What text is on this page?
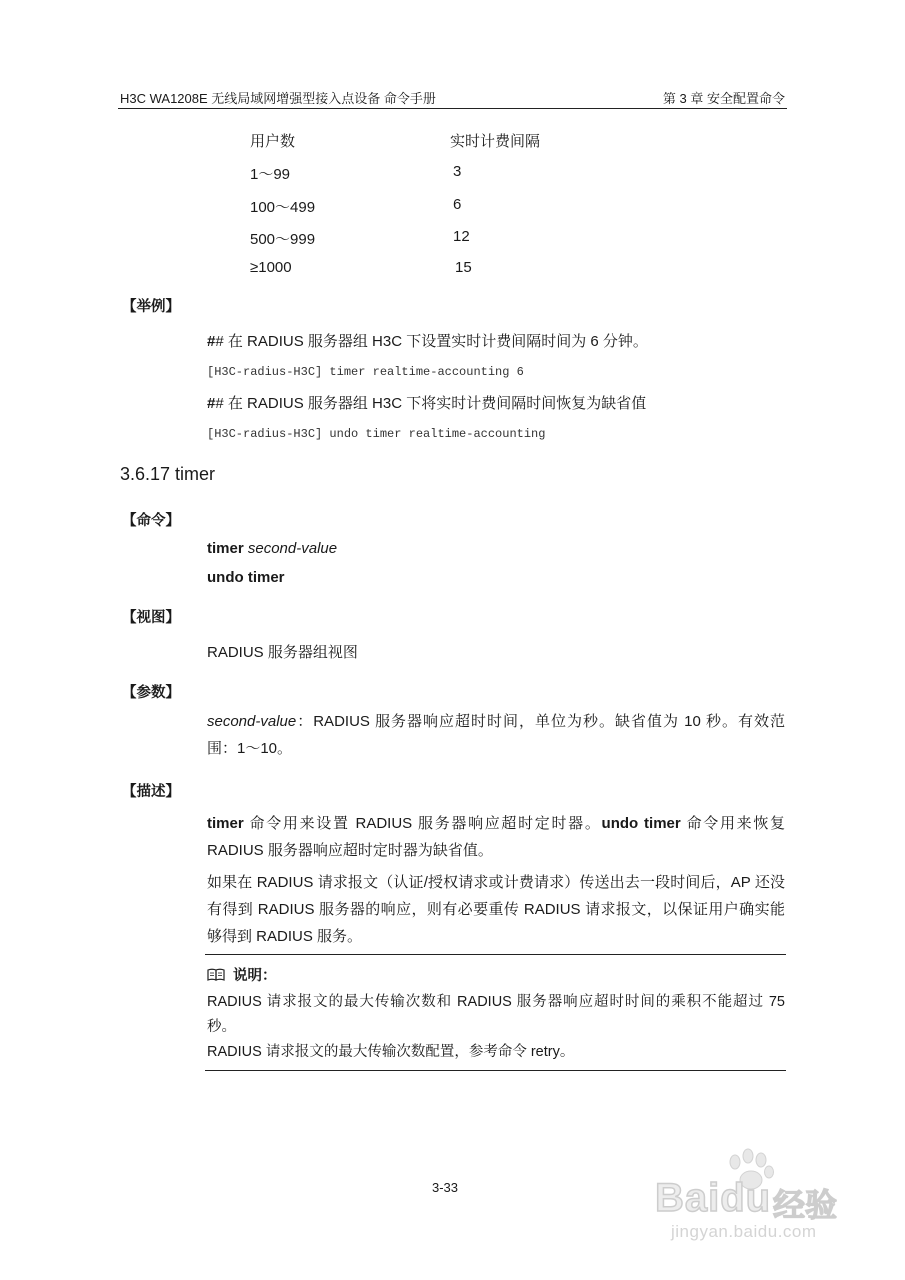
H3C WA1208E 无线局域网增强型接入点设备 命令手册	第 3 章 安全配置命令
用户数	实时计费间隔
1～99	3
100～499	6
500～999	12
≥1000	15
【举例】
## 在 RADIUS 服务器组 H3C 下设置实时计费间隔时间为 6 分钟。
[H3C-radius-H3C] timer realtime-accounting 6
## 在 RADIUS 服务器组 H3C 下将实时计费间隔时间恢复为缺省值
[H3C-radius-H3C] undo timer realtime-accounting
3.6.17 timer
【命令】
timer second-value
undo timer
【视图】
RADIUS 服务器组视图
【参数】
second-value：RADIUS 服务器响应超时时间，单位为秒。缺省值为 10 秒。有效范围：1～10。
【描述】
timer 命令用来设置 RADIUS 服务器响应超时定时器。undo timer 命令用来恢复 RADIUS 服务器响应超时定时器为缺省值。
如果在 RADIUS 请求报文（认证/授权请求或计费请求）传送出去一段时间后，AP 还没有得到 RADIUS 服务器的响应，则有必要重传 RADIUS 请求报文，以保证用户确实能够得到 RADIUS 服务。
说明：
RADIUS 请求报文的最大传输次数和 RADIUS 服务器响应超时时间的乘积不能超过 75 秒。
RADIUS 请求报文的最大传输次数配置，参考命令 retry。
3-33	Baidu 经验
jingyan.baidu.com
